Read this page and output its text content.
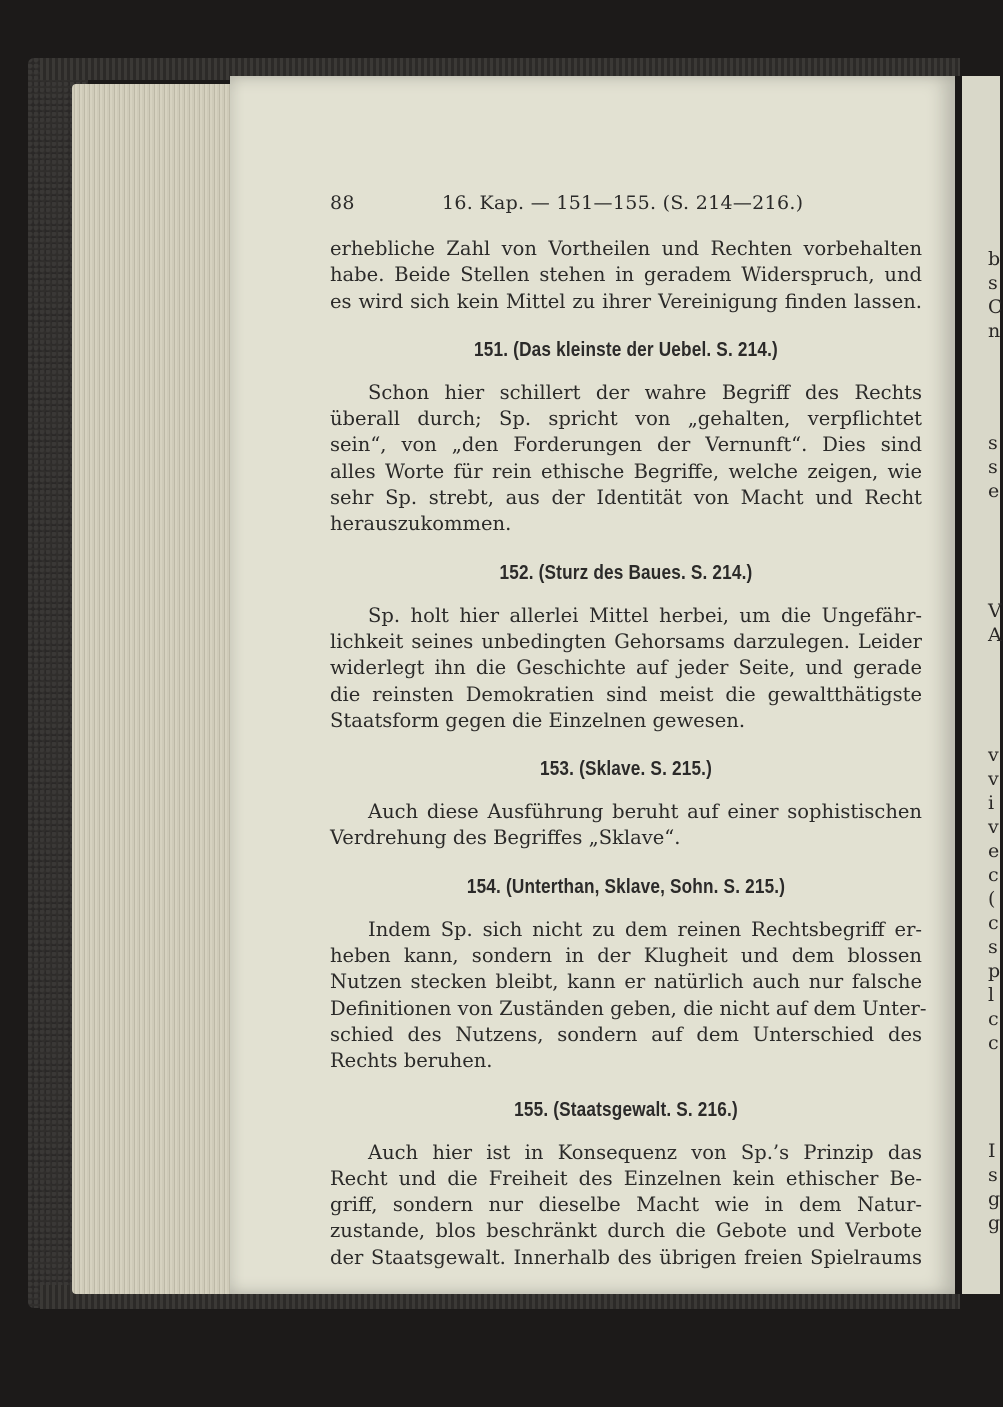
b
s
C
n
s
s
e
V
A
v
v
i
v
e
c
(
c
s
p
l
c
c
I
s
g
g
88	16. Kap. — 151—155. (S. 214—216.)
erhebliche Zahl von Vortheilen und Rechten vorbehalten
habe. Beide Stellen stehen in geradem Widerspruch, und
es wird sich kein Mittel zu ihrer Vereinigung finden lassen.
151. (Das kleinste der Uebel. S. 214.)
Schon hier schillert der wahre Begriff des Rechts
überall durch; Sp. spricht von „gehalten, verpflichtet
sein“, von „den Forderungen der Vernunft“. Dies sind
alles Worte für rein ethische Begriffe, welche zeigen, wie
sehr Sp. strebt, aus der Identität von Macht und Recht
herauszukommen.
152. (Sturz des Baues. S. 214.)
Sp. holt hier allerlei Mittel herbei, um die Ungefähr-
lichkeit seines unbedingten Gehorsams darzulegen. Leider
widerlegt ihn die Geschichte auf jeder Seite, und gerade
die reinsten Demokratien sind meist die gewaltthätigste
Staatsform gegen die Einzelnen gewesen.
153. (Sklave. S. 215.)
Auch diese Ausführung beruht auf einer sophistischen
Verdrehung des Begriffes „Sklave“.
154. (Unterthan, Sklave, Sohn. S. 215.)
Indem Sp. sich nicht zu dem reinen Rechtsbegriff er-
heben kann, sondern in der Klugheit und dem blossen
Nutzen stecken bleibt, kann er natürlich auch nur falsche
Definitionen von Zuständen geben, die nicht auf dem Unter-
schied des Nutzens, sondern auf dem Unterschied des
Rechts beruhen.
155. (Staatsgewalt. S. 216.)
Auch hier ist in Konsequenz von Sp.’s Prinzip das
Recht und die Freiheit des Einzelnen kein ethischer Be-
griff, sondern nur dieselbe Macht wie in dem Natur-
zustande, blos beschränkt durch die Gebote und Verbote
der Staatsgewalt. Innerhalb des übrigen freien Spielraums
